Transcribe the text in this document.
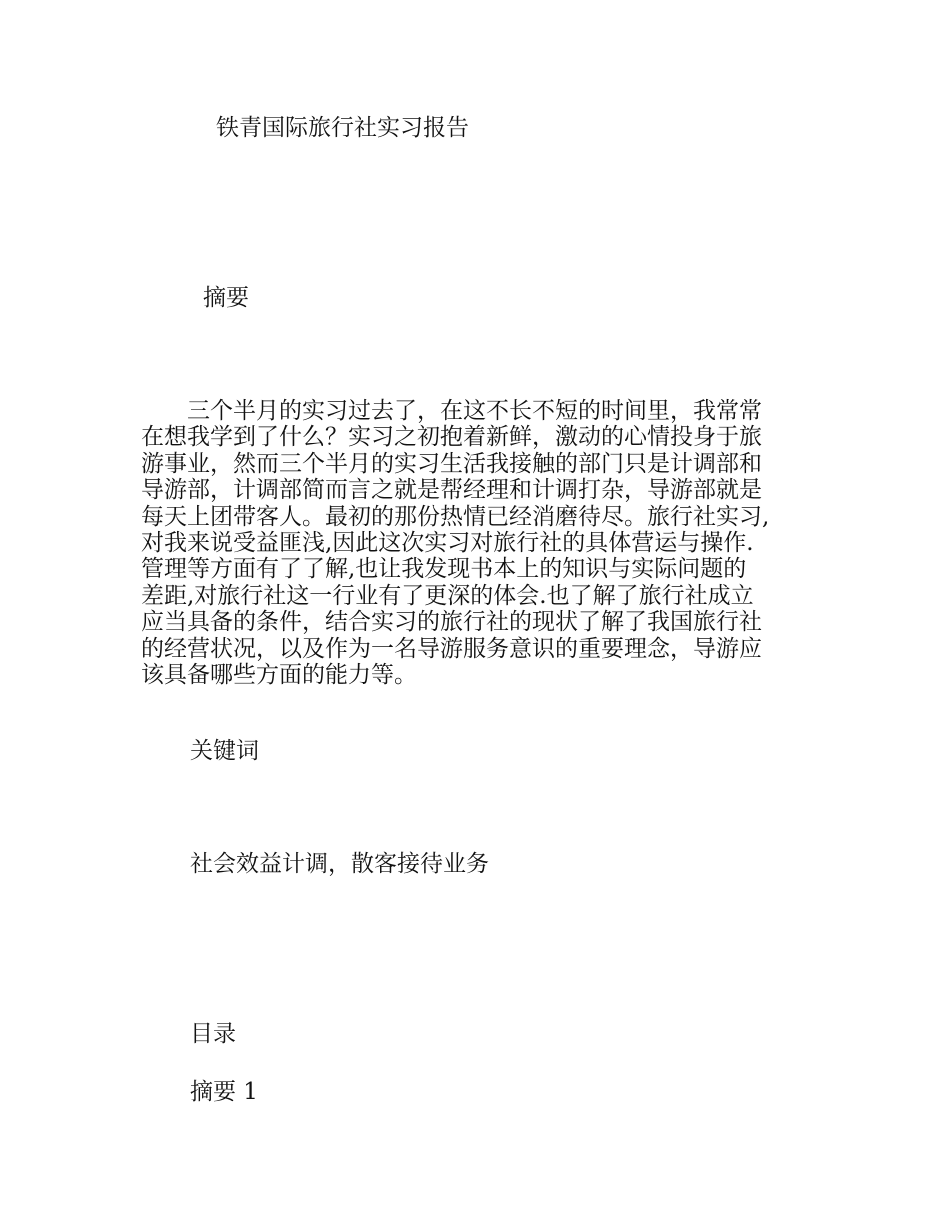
铁青国际旅行社实习报告
摘要
　　三个半月的实习过去了，在这不长不短的时间里，我常常
在想我学到了什么？实习之初抱着新鲜，激动的心情投身于旅
游事业，然而三个半月的实习生活我接触的部门只是计调部和
导游部，计调部简而言之就是帮经理和计调打杂，导游部就是
每天上团带客人。最初的那份热情已经消磨待尽。旅行社实习,
对我来说受益匪浅,因此这次实习对旅行社的具体营运与操作.
管理等方面有了了解,也让我发现书本上的知识与实际问题的
差距,对旅行社这一行业有了更深的体会.也了解了旅行社成立
应当具备的条件，结合实习的旅行社的现状了解了我国旅行社
的经营状况，以及作为一名导游服务意识的重要理念，导游应
该具备哪些方面的能力等。
关键词
社会效益计调，散客接待业务
目录
摘要 1
